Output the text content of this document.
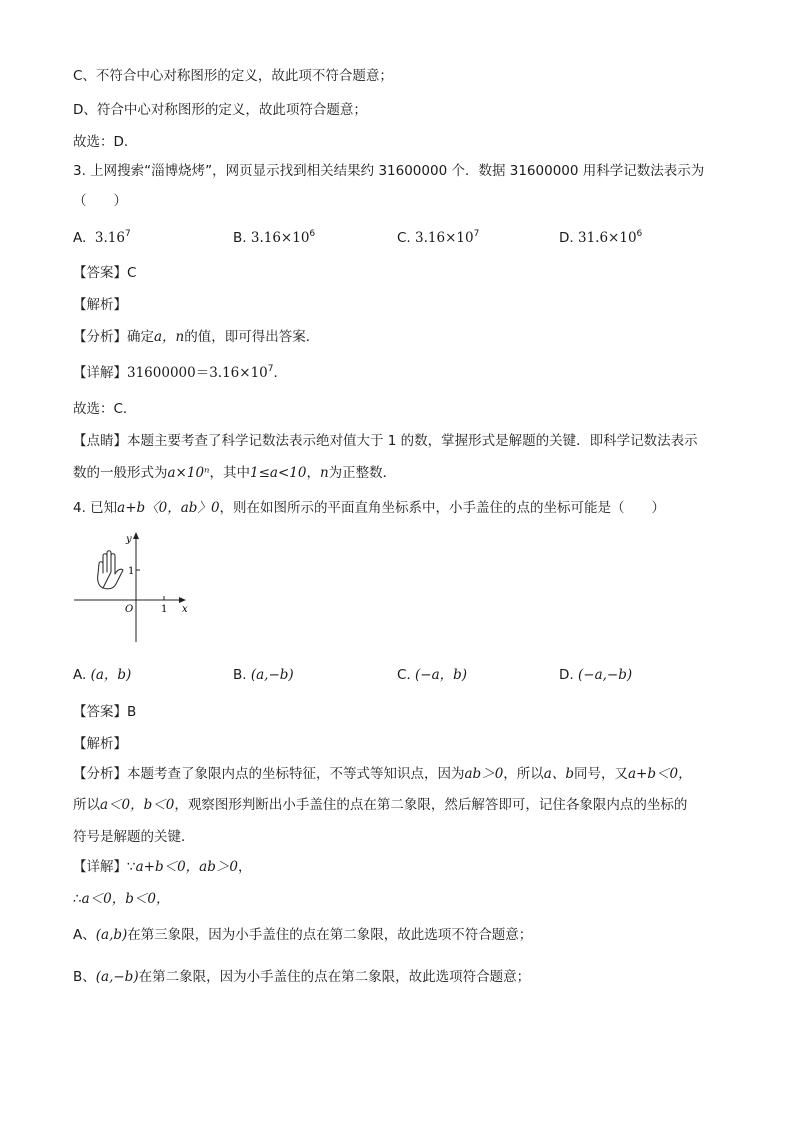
C、不符合中心对称图形的定义，故此项不符合题意；
D、符合中心对称图形的定义，故此项符合题意；
故选：D．
3. 上网搜索“淄博烧烤”，网页显示找到相关结果约 31600000 个．数据 31600000 用科学记数法表示为
（　　）
A. 3.16$^7$	B. $3.16\times 10^6$	C. $3.16\times 10^7$	D. $31.6\times 10^6$
【答案】C
【解析】
【分析】确定a，n的值，即可得出答案．
【详解】$31600000=3.16\times 10^7$．
故选：C．
【点睛】本题主要考查了科学记数法表示绝对值大于 1 的数，掌握形式是解题的关键．即科学记数法表示
数的一般形式为a×10ⁿ，其中1≤a<10，n为正整数．
4. 已知a+b〈0，ab〉0，则在如图所示的平面直角坐标系中，小手盖住的点的坐标可能是（　　）
y
x
O	1
1
A. (a，b)	B. (a,−b)	C. (−a，b)	D. (−a,−b)
【答案】B
【解析】
【分析】本题考查了象限内点的坐标特征，不等式等知识点，因为ab＞0，所以a、b同号，又a+b＜0，
所以a＜0，b＜0，观察图形判断出小手盖住的点在第二象限，然后解答即可，记住各象限内点的坐标的
符号是解题的关键．
【详解】∵a+b＜0，ab＞0，
∴a＜0，b＜0，
A、(a,b)在第三象限，因为小手盖住的点在第二象限，故此选项不符合题意；
B、(a,−b)在第二象限，因为小手盖住的点在第二象限，故此选项符合题意；
